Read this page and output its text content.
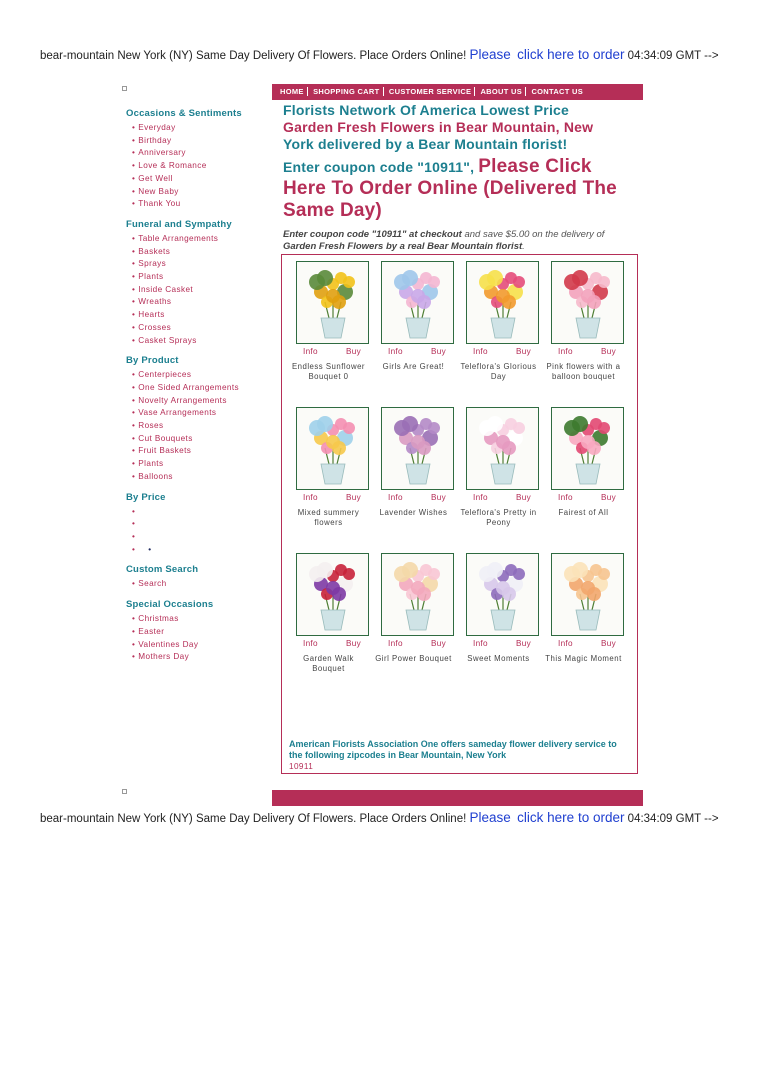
bear-mountain New York (NY) Same Day Delivery Of Flowers. Place Orders Online! Please click here to order 04:34:09 GMT -->
HOME SHOPPING CART CUSTOMER SERVICE ABOUT US CONTACT US
Occasions & Sentiments
• Everyday
• Birthday
• Anniversary
• Love & Romance
• Get Well
• New Baby
• Thank You
Funeral and Sympathy
• Table Arrangements
• Baskets
• Sprays
• Plants
• Inside Casket
• Wreaths
• Hearts
• Crosses
• Casket Sprays
By Product
• Centerpieces
• One Sided Arrangements
• Novelty Arrangements
• Vase Arrangements
• Roses
• Cut Bouquets
• Fruit Baskets
• Plants
• Balloons
By Price
•
•
•
• •
Custom Search
• Search
Special Occasions
• Christmas
• Easter
• Valentines Day
• Mothers Day
Florists Network Of America Lowest Price
Garden Fresh Flowers in Bear Mountain, New
York delivered by a Bear Mountain florist!
Enter coupon code "10911", Please Click Here To Order Online (Delivered The Same Day)
Enter coupon code "10911" at checkout and save $5.00 on the delivery of Garden Fresh Flowers by a real Bear Mountain florist.
Info	Buy
Endless Sunflower Bouquet 0
Info	Buy
Girls Are Great!
Info	Buy
Teleflora's Glorious Day
Info	Buy
Pink flowers with a balloon bouquet
Info	Buy
Mixed summery flowers
Info	Buy
Lavender Wishes
Info	Buy
Teleflora's Pretty in Peony
Info	Buy
Fairest of All
Info	Buy
Garden Walk Bouquet
Info	Buy
Girl Power Bouquet
Info	Buy
Sweet Moments
Info	Buy
This Magic Moment
American Florists Association One offers sameday flower delivery service to the following zipcodes in Bear Mountain, New York
10911
bear-mountain New York (NY) Same Day Delivery Of Flowers. Place Orders Online! Please click here to order 04:34:09 GMT -->
